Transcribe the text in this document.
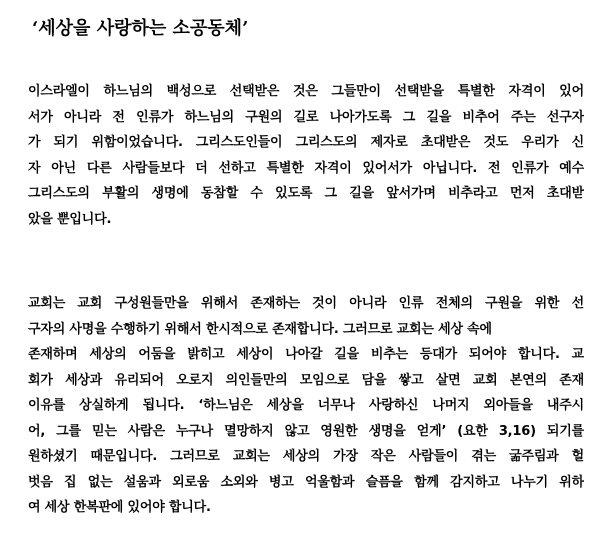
‘세상을 사랑하는 소공동체’
이스라엘이 하느님의 백성으로 선택받은 것은 그들만이 선택받을 특별한 자격이 있어
서가 아니라 전 인류가 하느님의 구원의 길로 나아가도록 그 길을 비추어 주는 선구자
가 되기 위함이었습니다. 그리스도인들이 그리스도의 제자로 초대받은 것도 우리가 신
자 아닌 다른 사람들보다 더 선하고 특별한 자격이 있어서가 아닙니다. 전 인류가 예수
그리스도의 부활의 생명에 동참할 수 있도록 그 길을 앞서가며 비추라고 먼저 초대받
았을 뿐입니다.
교회는 교회 구성원들만을 위해서 존재하는 것이 아니라 인류 전체의 구원을 위한 선
구자의 사명을 수행하기 위해서 한시적으로 존재합니다. 그러므로 교회는 세상 속에
존재하며 세상의 어둠을 밝히고 세상이 나아갈 길을 비추는 등대가 되어야 합니다. 교
회가 세상과 유리되어 오로지 의인들만의 모임으로 담을 쌓고 살면 교회 본연의 존재
이유를 상실하게 됩니다. ‘하느님은 세상을 너무나 사랑하신 나머지 외아들을 내주시
어, 그를 믿는 사람은 누구나 멸망하지 않고 영원한 생명을 얻게’ (요한 3,16) 되기를
원하셨기 때문입니다. 그러므로 교회는 세상의 가장 작은 사람들이 겪는 굶주림과 헐
벗음 집 없는 설움과 외로움 소외와 병고 억울함과 슬픔을 함께 감지하고 나누기 위하
여 세상 한복판에 있어야 합니다.
